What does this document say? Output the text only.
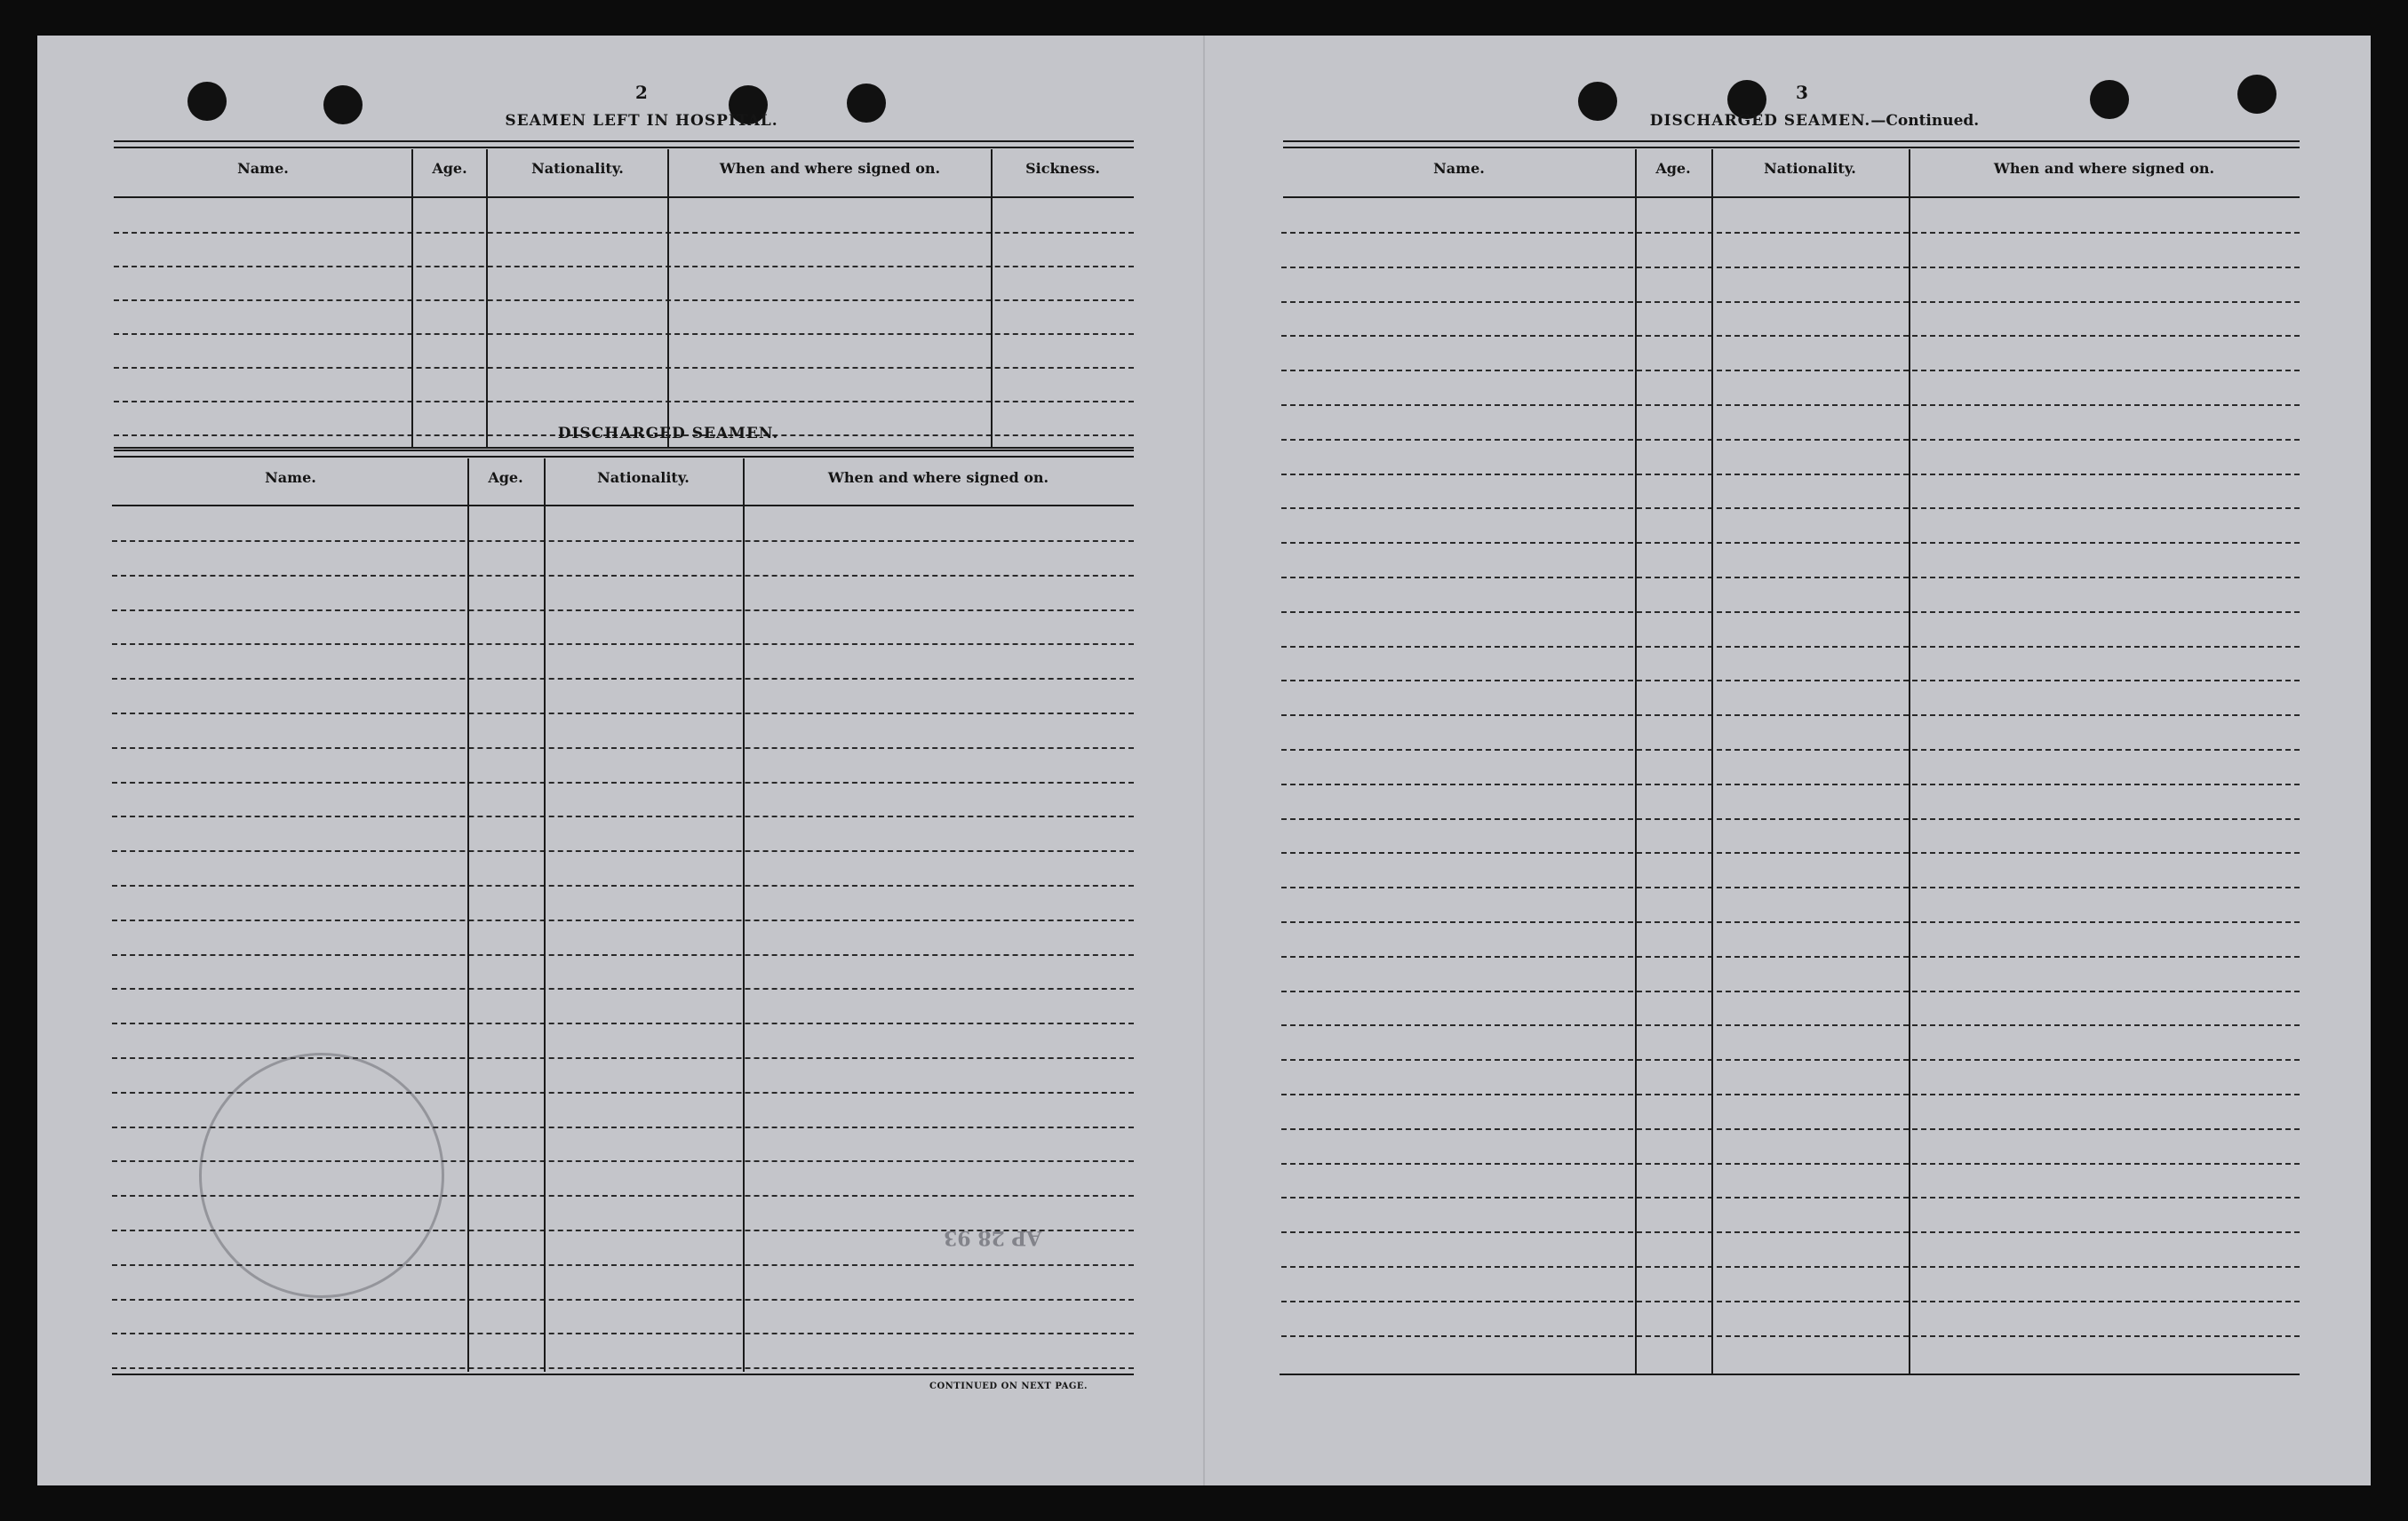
2
SEAMEN LEFT IN HOSPITAL.
Name.	Age.	Nationality.	When and where signed on.	Sickness.
DISCHARGED SEAMEN.
Name.	Age.	Nationality.	When and where signed on.
CONTINUED ON NEXT PAGE.
AP 28 93
3
DISCHARGED SEAMEN.—Continued.
Name.	Age.	Nationality.	When and where signed on.
